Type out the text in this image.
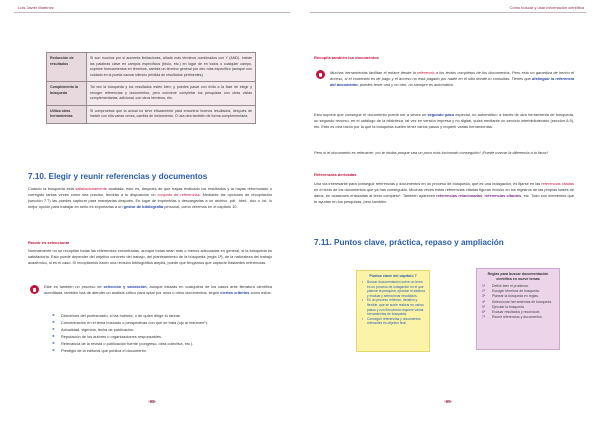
Luis Javier Martínez
Reducción de resultados	Si son muchos por si aumenta limitaciones, añade más términos combinados con Y (AND). Insiste las palabras clave en campos específicos (título, etc.) en lugar de en todos o cualquier campo, suprime truncamientos en términos, cambia un término general por otro más específico (aunque con cuidado en la pueda causar silencio pérdida de resultados pertinentes).
Complemento la búsqueda	Tal vez la búsqueda y los resultados estén bien, y puedes pasar con éxito a la fase de elegir y recoger referencias y documentos, pero conviene completar tus pesquisas con otras vistas complementarias, adicional, con otros términos, etc.
Utiliza otras herramientas	Si compruebas que la actual no sirve eficazmente para encontrar buenos resultados, después de insistir con ella varias veces, cambia de instrumento. O usa otra también de forma complementaria.
7.10. Elegir y reunir referencias y documentos
Cuando la búsqueda está satisfactoriamente acabada, esto es, después de que hayas evaluado los resultados y la hayas reformulado o corregido tantas veces como sea preciso, tendrás a tu disposición un conjunto de referencias. Mediante las opciones de recopilación (sección 7.7) las puedes capturar para manejarlas después. En lugar de imprimirlas o descargarlas a un archivo .pdf, .html, .doc o .txt, lo mejor opción para trabajar en serio es exportarlas a un gestor de bibliografía personal, como veremos en el capítulo 10.
Reunir es seleccionar
Normalmente no se recopilan todas las referencias encontradas, aunque todas sean más o menos adecuadas en general, si la búsqueda es satisfactoria. Esto puede depender del objetivo concreto del trabajo, del planteamiento de la búsqueda (regla 1ª), de la naturaleza del trabajo académico, si es el caso. Si recopilamos hacer una revisión bibliográfica amplia, puede que tengamos que capturar bastantes referencias.
Este es también un proceso de selección y valoración, aunque estarás en cualquiera de los casos ante literatura científica acreditada, también has de atender un análisis crítico para optar por unos u otros documentos, según ciertos criterios como estos:
► Directrices del profesorado, si las hubiera, o de quien dirige tu tareas.
► Concentración en el tema buscado o perspectivas con que se trata (ojo al resumen*).
► Actualidad, vigencia, fecha de publicación.
► Reputación de los autores u organizaciones responsables.
► Relevancia de la revista o publicación fuente (congreso, obra colectiva, etc.).
► Prestigio de la editorial que publica el documento.
-98-
Cómo buscar y usar información científica
Recopila también los documentos
Muchas herramientas facilitan el enlace desde la referencia a los textos completos de los documentos. Pero esto no garantiza de hecho el acceso, si el contenido es de pago y el acceso no está pagado por nadie en el sitio donde tú consultas. Tienes que distinguir la referencia del documento: puedes tener una y no otro, no siempre es automático.
Esto supone que conseguir el documento puede ser a veces un segundo paso especial, no automático: a través de otra herramienta de búsqueda, un segundo recurso, en el catálogo de la biblioteca, tal vez en versión impresa y no digital, quizá mediante un servicio interbibliotecario (sección 6.9), etc. Esto es otra razón por la que la búsqueda suelen tener varios pasos y requerir varias herramientas.
Pero si el documento es relevante, ¡no te rindas porque sea un poco más incómodo conseguirlo! ¡Puede marcar la diferencia a tu favor!
Referencias derivadas
Una vía interesante para conseguir referencias y documentos en un proceso de búsqueda, que es una indagación, es fijarse en las referencias citadas en el texto de los documentos que ya has conseguido. Muchas veces estas referencias citadas figuran incluso en los registros de las propias bases de datos, en ocasiones enlazadas al texto completo*. También aparecen referencias relacionadas, referencias citantes, etc. Todo son elementos que te ayudan en tus pesquisas, pero también.
7.11. Puntos clave, práctica, repaso y ampliación
Puntos clave del capítulo 7
• Buscar documentación sobre un tema es un proceso de indagación en el que planear la pesquisa, ejecutar el sistema y evaluar y seleccionar resultados.
• Es un proceso reflexivo, iterativo y flexible, que se suele realizar en varios pasos y con frecuencia requiere varias herramientas de búsqueda.
• Conseguir referencias y documentos relevantes es objetivo final.
Reglas para buscar documentación científica en nueve temas
1ª Definir bien el problema.
2ª Escoger términos de búsqueda.
3ª Planear la búsqueda en reglas.
4ª Seleccionar herramientas de búsqueda.
5ª Ejecutar la búsqueda.
6ª Evaluar resultados y reconducir.
7ª Reunir referencias y documentos.
-99-
